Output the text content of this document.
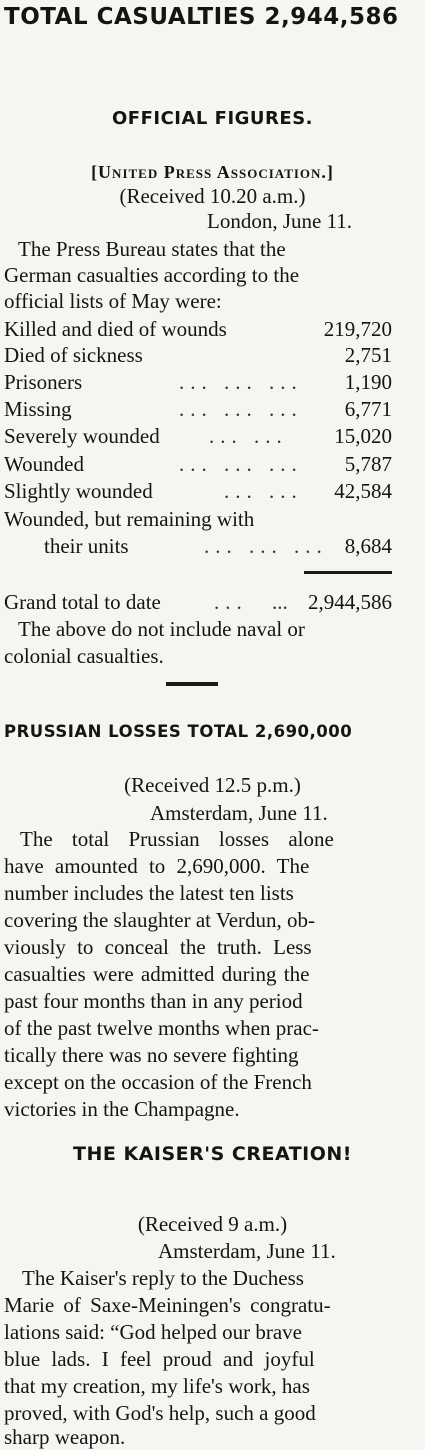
TOTAL CASUALTIES 2,944,586
OFFICIAL FIGURES.
[United Press Association.]
(Received 10.20 a.m.)
London, June 11.
The Press Bureau states that the
German casualties according to the
official lists of May were:
Killed and died of wounds	219,720
Died of sickness	2,751
Prisoners	... ... ... 1,190
Missing	... ... ... 6,771
Severely wounded ... ... 15,020
Wounded	... ... ... 5,787
Slightly wounded	... ... 42,584
Wounded, but remaining with
their units	... ... ... 8,684
Grand total to date	... ... 2,944,586
The above do not include naval or
colonial casualties.
PRUSSIAN LOSSES TOTAL 2,690,000
(Received 12.5 p.m.)
Amsterdam, June 11.
The total Prussian losses alone
have amounted to 2,690,000. The
number includes the latest ten lists
covering the slaughter at Verdun, ob-
viously to conceal the truth. Less
casualties were admitted during the
past four months than in any period
of the past twelve months when prac-
tically there was no severe fighting
except on the occasion of the French
victories in the Champagne.
THE KAISER'S CREATION!
(Received 9 a.m.)
Amsterdam, June 11.
The Kaiser's reply to the Duchess
Marie of Saxe-Meiningen's congratu-
lations said: “God helped our brave
blue lads. I feel proud and joyful
that my creation, my life's work, has
proved, with God's help, such a good
sharp weapon.
